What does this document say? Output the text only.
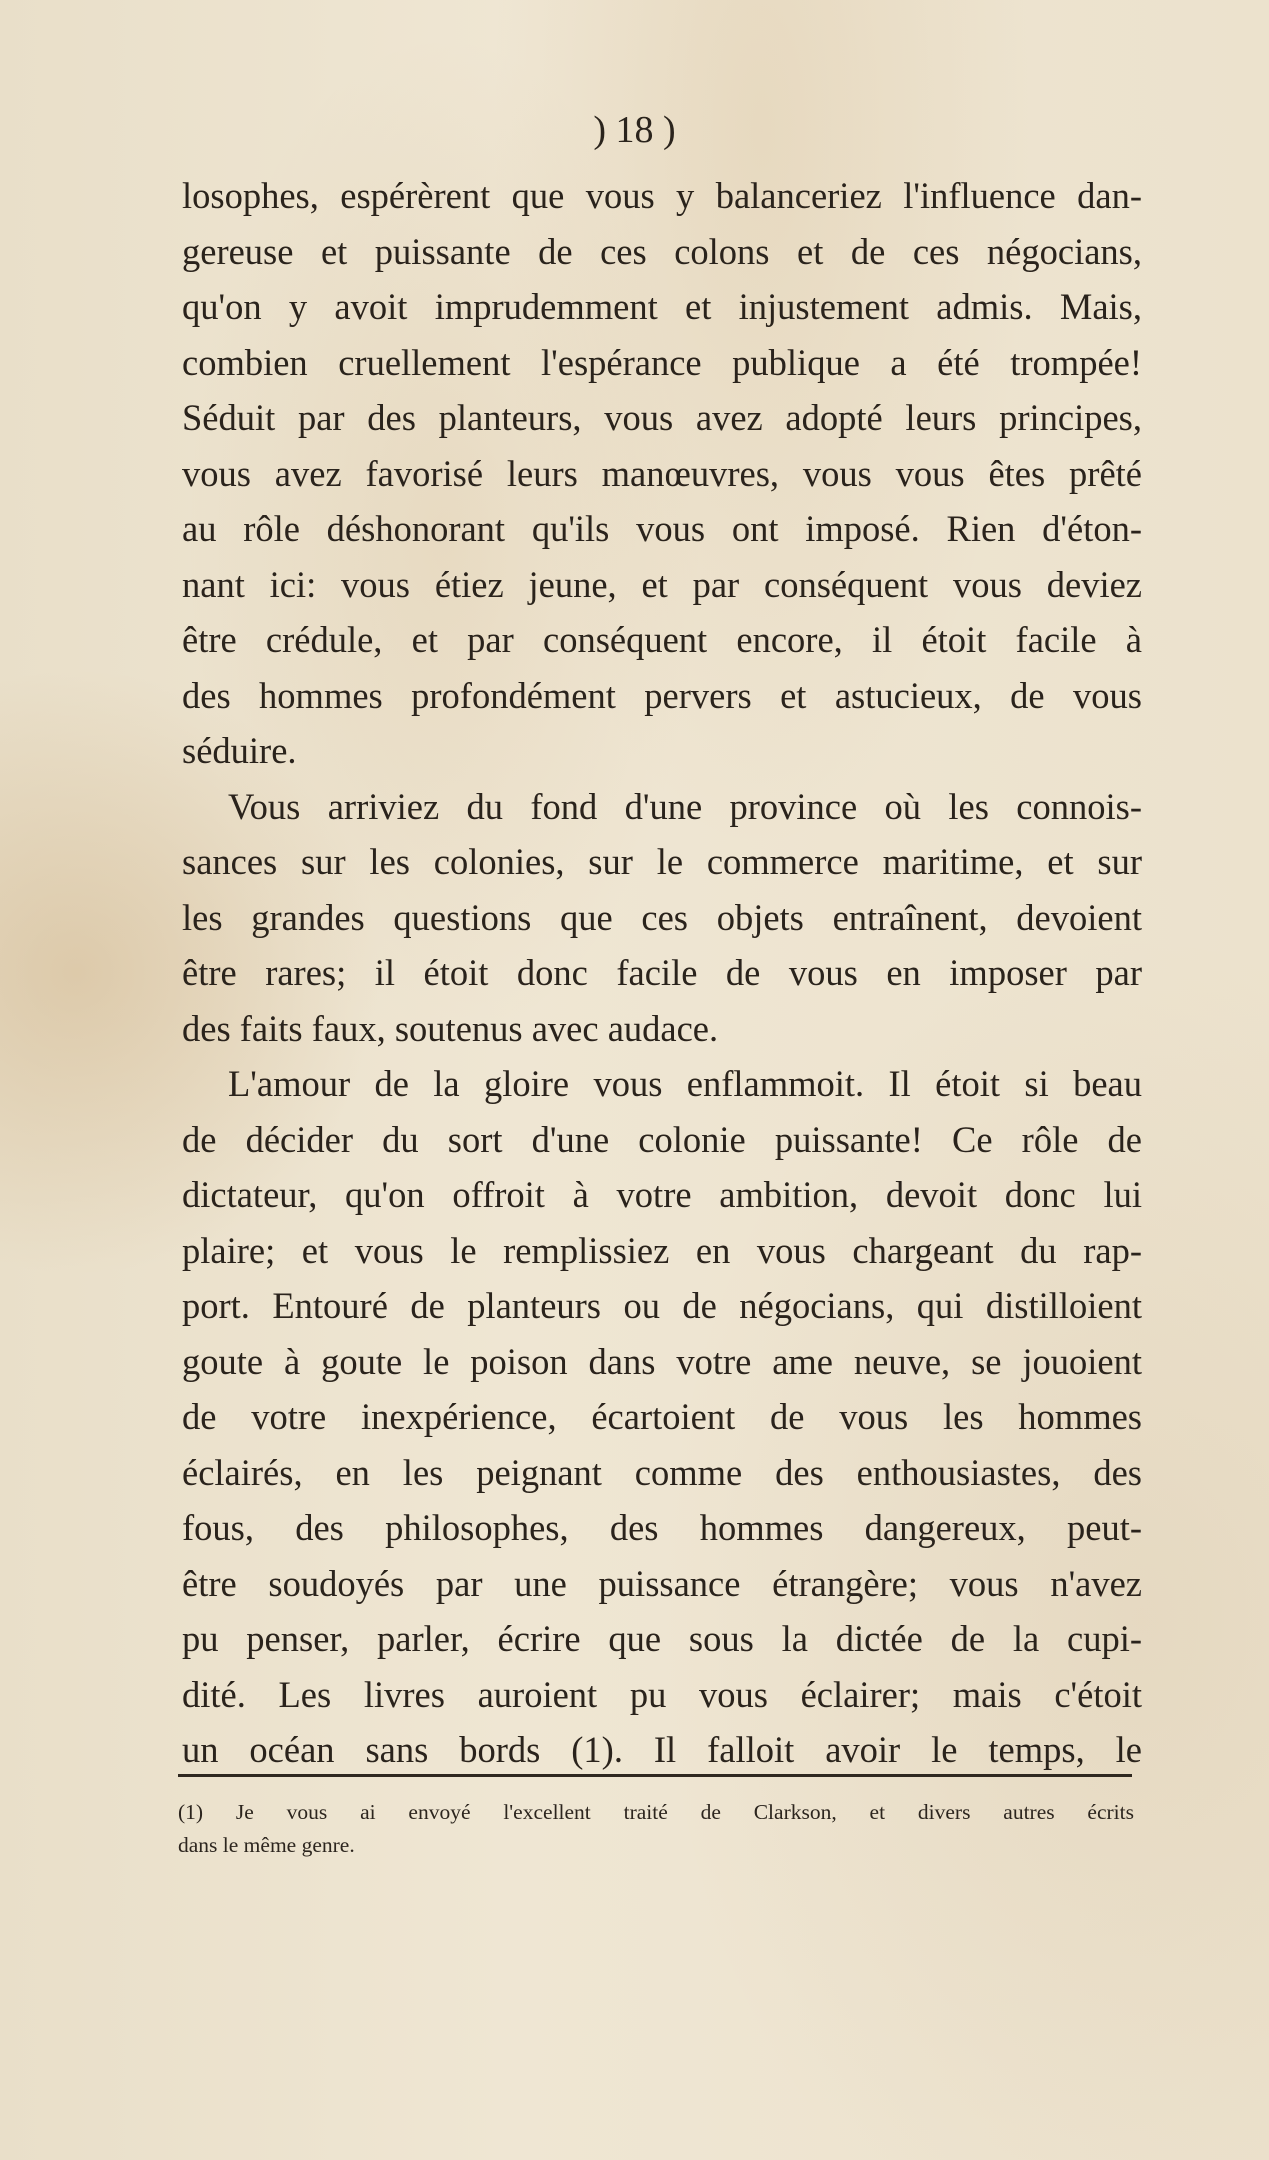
) 18 )
losophes, espérèrent que vous y balanceriez l'influence dan-
gereuse et puissante de ces colons et de ces négocians,
qu'on y avoit imprudemment et injustement admis. Mais,
combien cruellement l'espérance publique a été trompée!
Séduit par des planteurs, vous avez adopté leurs principes,
vous avez favorisé leurs manœuvres, vous vous êtes prêté
au rôle déshonorant qu'ils vous ont imposé. Rien d'éton-
nant ici: vous étiez jeune, et par conséquent vous deviez
être crédule, et par conséquent encore, il étoit facile à
des hommes profondément pervers et astucieux, de vous
séduire.
Vous arriviez du fond d'une province où les connois-
sances sur les colonies, sur le commerce maritime, et sur
les grandes questions que ces objets entraînent, devoient
être rares; il étoit donc facile de vous en imposer par
des faits faux, soutenus avec audace.
L'amour de la gloire vous enflammoit. Il étoit si beau
de décider du sort d'une colonie puissante! Ce rôle de
dictateur, qu'on offroit à votre ambition, devoit donc lui
plaire; et vous le remplissiez en vous chargeant du rap-
port. Entouré de planteurs ou de négocians, qui distilloient
goute à goute le poison dans votre ame neuve, se jouoient
de votre inexpérience, écartoient de vous les hommes
éclairés, en les peignant comme des enthousiastes, des
fous, des philosophes, des hommes dangereux, peut-
être soudoyés par une puissance étrangère; vous n'avez
pu penser, parler, écrire que sous la dictée de la cupi-
dité. Les livres auroient pu vous éclairer; mais c'étoit
un océan sans bords (1). Il falloit avoir le temps, le
(1) Je vous ai envoyé l'excellent traité de Clarkson, et divers autres écrits
dans le même genre.
